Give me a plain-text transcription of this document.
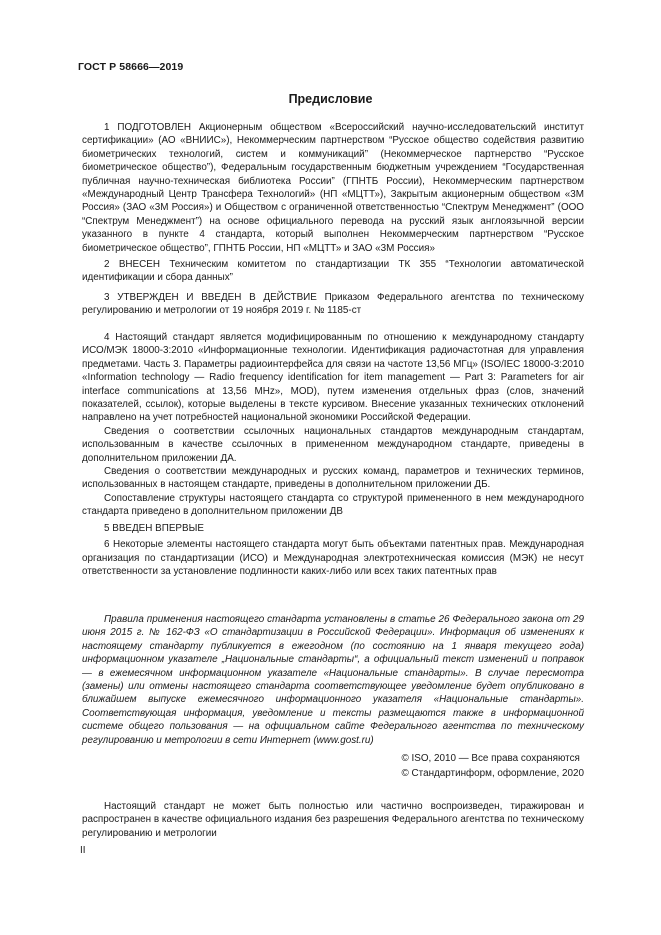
ГОСТ Р 58666—2019
Предисловие

1 ПОДГОТОВЛЕН Акционерным обществом «Всероссийский научно-исследовательский институт сертификации» (АО «ВНИИС»), Некоммерческим партнерством “Русское общество содействия развитию биометрических технологий, систем и коммуникаций” (Некоммерческое партнерство “Русское биометрическое общество”), Федеральным государственным бюджетным учреждением “Государственная публичная научно-техническая библиотека России” (ГПНТБ России), Некоммерческим партнерством «Международный Центр Трансфера Технологий» (НП «МЦТТ»), Закрытым акционерным обществом «3М Россия» (ЗАО «3М Россия») и Обществом с ограниченной ответственностью “Спектрум Менеджмент” (ООО “Спектрум Менеджмент”) на основе официального перевода на русский язык англоязычной версии указанного в пункте 4 стандарта, который выполнен Некоммерческим партнерством “Русское биометрическое общество”, ГПНТБ России, НП «МЦТТ» и ЗАО «3М Россия»

2 ВНЕСЕН Техническим комитетом по стандартизации ТК 355 “Технологии автоматической идентификации и сбора данных”

3 УТВЕРЖДЕН И ВВЕДЕН В ДЕЙСТВИЕ Приказом Федерального агентства по техническому регулированию и метрологии от 19 ноября 2019 г. № 1185-ст

4 Настоящий стандарт является модифицированным по отношению к международному стандарту ИСО/МЭК 18000-3:2010 «Информационные технологии. Идентификация радиочастотная для управления предметами. Часть 3. Параметры радиоинтерфейса для связи на частоте 13,56 МГц» (ISO/IEC 18000-3:2010 «Information technology — Radio frequency identification for item management — Part 3: Parameters for air interface communications at 13,56 MHz», MOD), путем изменения отдельных фраз (слов, значений показателей, ссылок), которые выделены в тексте курсивом. Внесение указанных технических отклонений направлено на учет потребностей национальной экономики Российской Федерации.

Сведения о соответствии ссылочных национальных стандартов международным стандартам, использованным в качестве ссылочных в примененном международном стандарте, приведены в дополнительном приложении ДА.

Сведения о соответствии международных и русских команд, параметров и технических терминов, использованных в настоящем стандарте, приведены в дополнительном приложении ДБ.

Сопоставление структуры настоящего стандарта со структурой примененного в нем международного стандарта приведено в дополнительном приложении ДВ

5 ВВЕДЕН ВПЕРВЫЕ

6 Некоторые элементы настоящего стандарта могут быть объектами патентных прав. Международная организация по стандартизации (ИСО) и Международная электротехническая комиссия (МЭК) не несут ответственности за установление подлинности каких-либо или всех таких патентных прав

Правила применения настоящего стандарта установлены в статье 26 Федерального закона от 29 июня 2015 г. № 162-ФЗ «О стандартизации в Российской Федерации». Информация об изменениях к настоящему стандарту публикуется в ежегодном (по состоянию на 1 января текущего года) информационном указателе „Национальные стандарты“, а официальный текст изменений и поправок — в ежемесячном информационном указателе «Национальные стандарты». В случае пересмотра (замены) или отмены настоящего стандарта соответствующее уведомление будет опубликовано в ближайшем выпуске ежемесячного информационного указателя «Национальные стандарты». Соответствующая информация, уведомление и тексты размещаются также в информационной системе общего пользования — на официальном сайте Федерального агентства по техническому регулированию и метрологии в сети Интернет (www.gost.ru)

© ISO, 2010 — Все права сохраняются
© Стандартинформ, оформление, 2020

Настоящий стандарт не может быть полностью или частично воспроизведен, тиражирован и распространен в качестве официального издания без разрешения Федерального агентства по техническому регулированию и метрологии

II
